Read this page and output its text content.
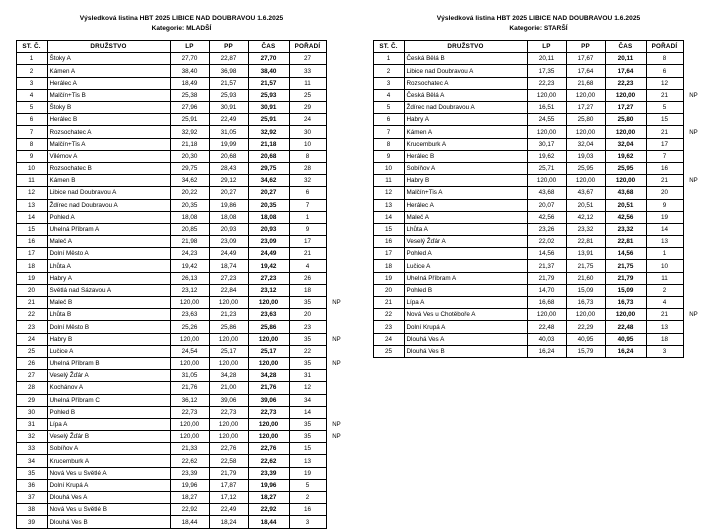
Výsledková listina HBT 2025 LIBICE NAD DOUBRAVOU 1.6.2025
Kategorie: MLADŠÍ
ST. Č.	DRUŽSTVO	LP	PP	ČAS	POŘADÍ	
1	Štoky A	27,70	22,87	27,70	27	
2	Kámen A	38,40	36,98	38,40	33	
3	Herálec A	18,49	21,57	21,57	11	
4	Malčín+Tis B	25,38	25,93	25,93	25	
5	Štoky B	27,96	30,91	30,91	29	
6	Herálec B	25,91	22,49	25,91	24	
7	Rozsochatec A	32,92	31,05	32,92	30	
8	Malčín+Tis A	21,18	19,99	21,18	10	
9	Vilémov A	20,30	20,68	20,68	8	
10	Rozsochatec B	29,75	28,43	29,75	28	
11	Kámen B	34,62	29,12	34,62	32	
12	Libice nad Doubravou A	20,22	20,27	20,27	6	
13	Ždírec nad Doubravou A	20,35	19,86	20,35	7	
14	Pohled A	18,08	18,08	18,08	1	
15	Uhelná Příbram A	20,85	20,93	20,93	9	
16	Maleč A	21,98	23,09	23,09	17	
17	Dolní Město A	24,23	24,49	24,49	21	
18	Lhůta A	19,42	18,74	19,42	4	
19	Habry A	26,13	27,23	27,23	26	
20	Světlá nad Sázavou A	23,12	22,84	23,12	18	
21	Maleč B	120,00	120,00	120,00	35	NP
22	Lhůta B	23,63	21,23	23,63	20	
23	Dolní Město B	25,26	25,86	25,86	23	
24	Habry B	120,00	120,00	120,00	35	NP
25	Lučice A	24,54	25,17	25,17	22	
26	Uhelná Příbram B	120,00	120,00	120,00	35	NP
27	Veselý Žďár A	31,05	34,28	34,28	31	
28	Kochánov A	21,76	21,00	21,76	12	
29	Uhelná Příbram C	36,12	39,06	39,06	34	
30	Pohled B	22,73	22,73	22,73	14	
31	Lípa A	120,00	120,00	120,00	35	NP
32	Veselý Žďár B	120,00	120,00	120,00	35	NP
33	Sobíňov A	21,33	22,76	22,76	15	
34	Krucemburk A	22,62	22,58	22,62	13	
35	Nová Ves u Světlé A	23,39	21,79	23,39	19	
36	Dolní Krupá A	19,96	17,87	19,96	5	
37	Dlouhá Ves A	18,27	17,12	18,27	2	
38	Nová Ves u Světlé B	22,92	22,49	22,92	16	
39	Dlouhá Ves B	18,44	18,24	18,44	3	
Výsledková listina HBT 2025 LIBICE NAD DOUBRAVOU 1.6.2025
Kategorie: STARŠÍ
ST. Č.	DRUŽSTVO	LP	PP	ČAS	POŘADÍ	
1	Česká Bělá B	20,11	17,67	20,11	8	
2	Libice nad Doubravou A	17,35	17,64	17,64	6	
3	Rozsochatec A	22,23	21,68	22,23	12	
4	Česká Bělá A	120,00	120,00	120,00	21	NP
5	Ždírec nad Doubravou A	16,51	17,27	17,27	5	
6	Habry A	24,55	25,80	25,80	15	
7	Kámen A	120,00	120,00	120,00	21	NP
8	Krucemburk A	30,17	32,04	32,04	17	
9	Herálec B	19,62	19,03	19,62	7	
10	Sobíňov A	25,71	25,95	25,95	16	
11	Habry B	120,00	120,00	120,00	21	NP
12	Malčín+Tis A	43,68	43,67	43,68	20	
13	Herálec A	20,07	20,51	20,51	9	
14	Maleč A	42,56	42,12	42,56	19	
15	Lhůta A	23,26	23,32	23,32	14	
16	Veselý Žďár A	22,02	22,81	22,81	13	
17	Pohled A	14,56	13,91	14,56	1	
18	Lučice A	21,37	21,75	21,75	10	
19	Uhelná Příbram A	21,79	21,60	21,79	11	
20	Pohled B	14,70	15,09	15,09	2	
21	Lípa A	16,68	16,73	16,73	4	
22	Nová Ves u Chotěboře A	120,00	120,00	120,00	21	NP
23	Dolní Krupá A	22,48	22,29	22,48	13	
24	Dlouhá Ves A	40,03	40,95	40,95	18	
25	Dlouhá Ves B	16,24	15,79	16,24	3	
